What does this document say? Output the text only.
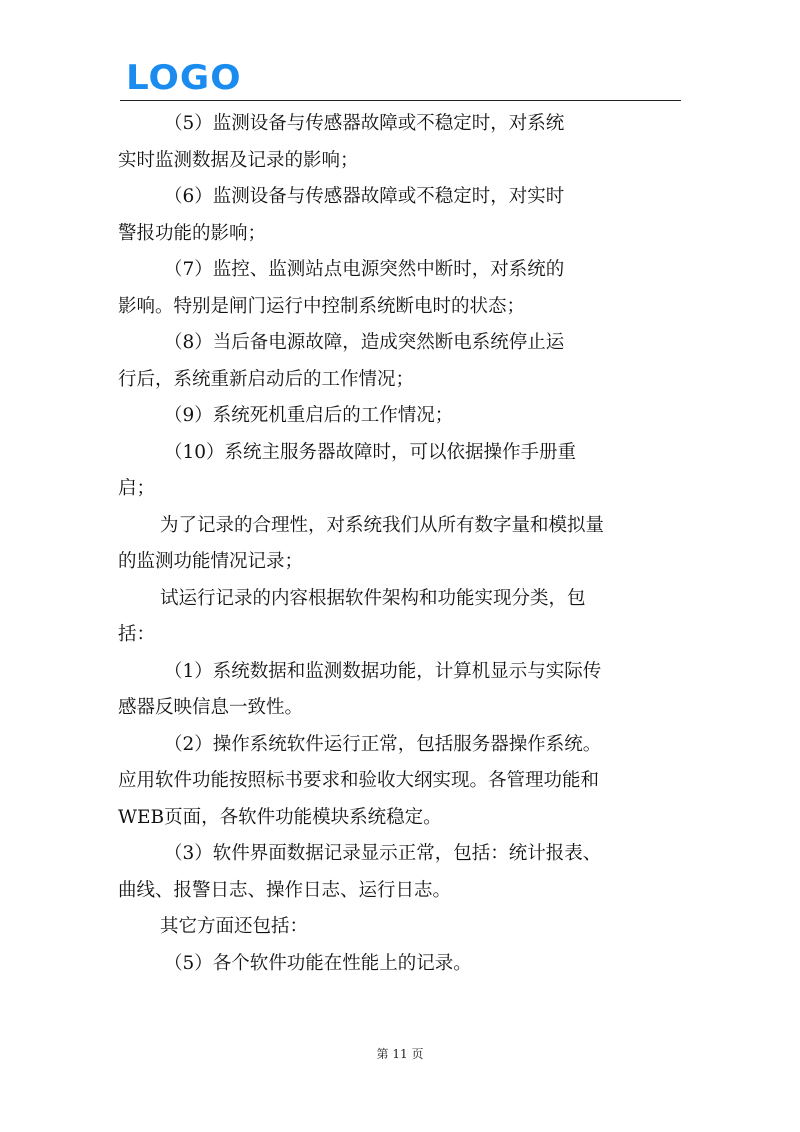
LOGO

（5）监测设备与传感器故障或不稳定时，对系统
实时监测数据及记录的影响；

（6）监测设备与传感器故障或不稳定时，对实时
警报功能的影响；

（7）监控、监测站点电源突然中断时，对系统的
影响。特别是闸门运行中控制系统断电时的状态；

（8）当后备电源故障，造成突然断电系统停止运
行后，系统重新启动后的工作情况；

（9）系统死机重启后的工作情况；

（10）系统主服务器故障时，可以依据操作手册重
启；

为了记录的合理性，对系统我们从所有数字量和模拟量
的监测功能情况记录；

试运行记录的内容根据软件架构和功能实现分类，包
括：

（1）系统数据和监测数据功能，计算机显示与实际传
感器反映信息一致性。

（2）操作系统软件运行正常，包括服务器操作系统。
应用软件功能按照标书要求和验收大纲实现。各管理功能和
WEB页面，各软件功能模块系统稳定。

（3）软件界面数据记录显示正常，包括：统计报表、
曲线、报警日志、操作日志、运行日志。

其它方面还包括：

（5）各个软件功能在性能上的记录。

第 11 页
